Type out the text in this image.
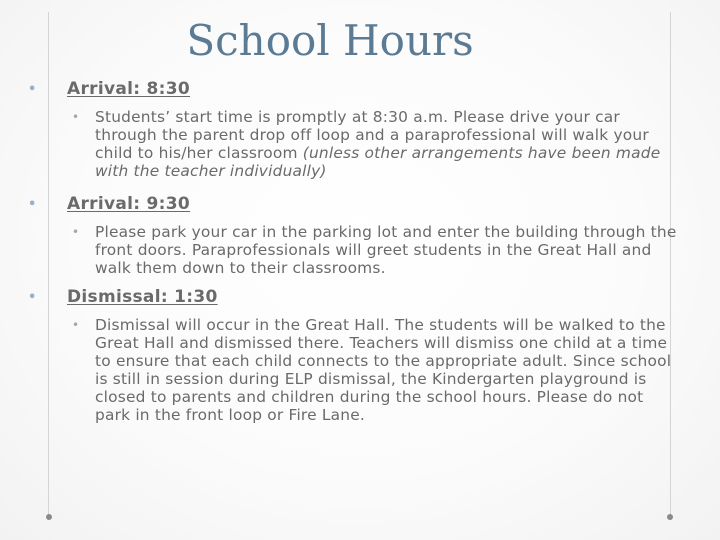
School Hours
• Arrival: 8:30
• Students’ start time is promptly at 8:30 a.m. Please drive your car through the parent drop off loop and a paraprofessional will walk your child to his/her classroom (unless other arrangements have been made with the teacher individually)
• Arrival: 9:30
• Please park your car in the parking lot and enter the building through the front doors. Paraprofessionals will greet students in the Great Hall and walk them down to their classrooms.
• Dismissal: 1:30
• Dismissal will occur in the Great Hall. The students will be walked to the Great Hall and dismissed there. Teachers will dismiss one child at a time to ensure that each child connects to the appropriate adult. Since school is still in session during ELP dismissal, the Kindergarten playground is closed to parents and children during the school hours. Please do not park in the front loop or Fire Lane.
